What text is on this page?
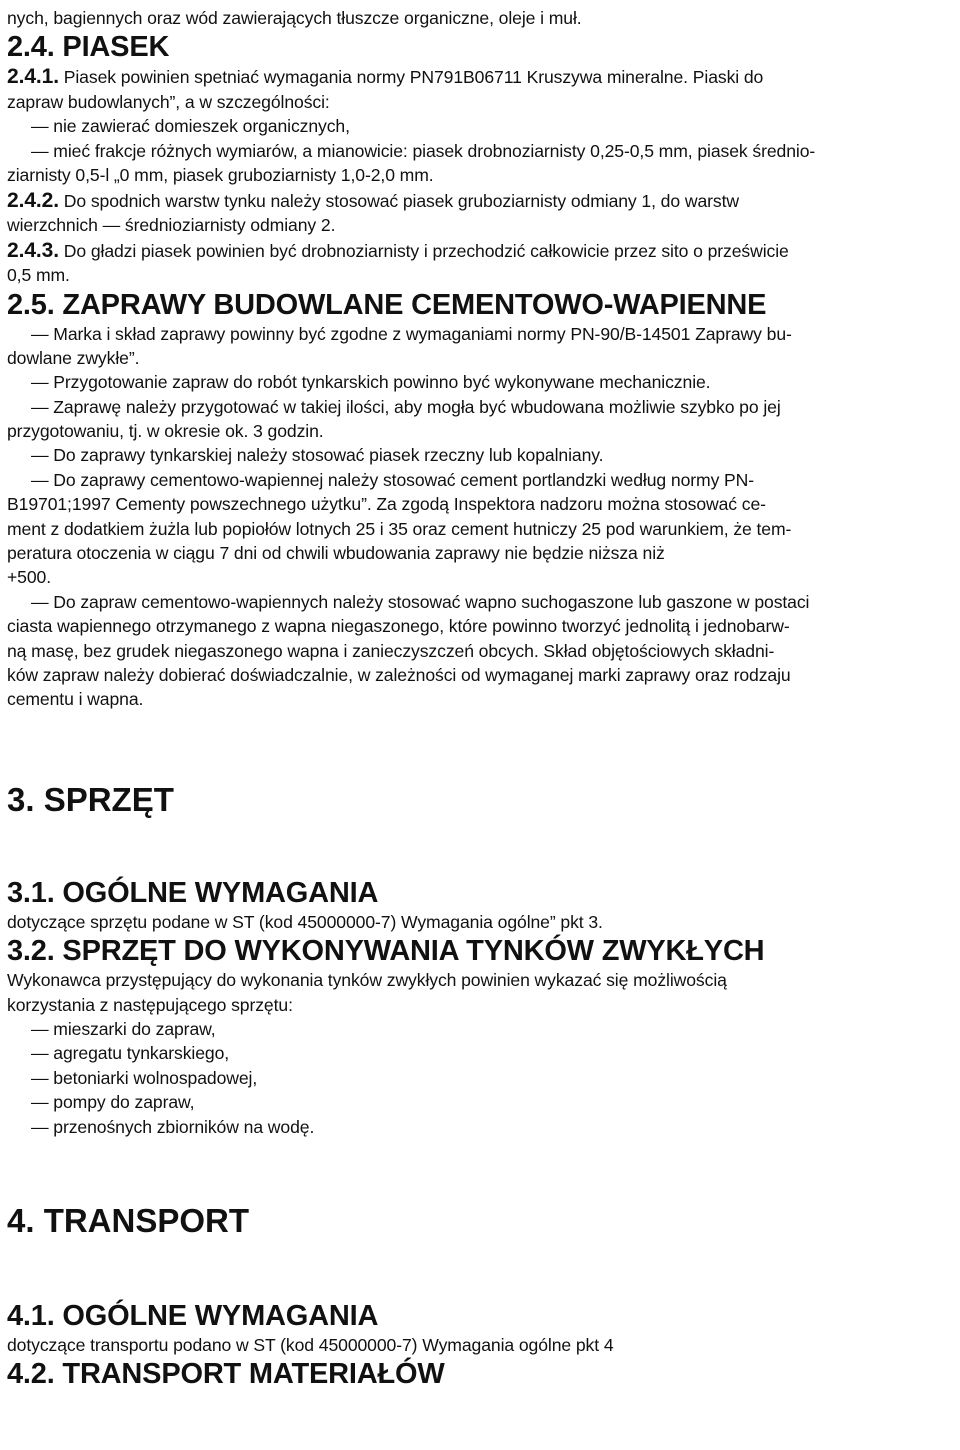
nych, bagiennych oraz wód zawierających tłuszcze organiczne, oleje i muł.
2.4. PIASEK
2.4.1. Piasek powinien spetniać wymagania normy PN791B06711 Kruszywa mineralne. Piaski do
zapraw budowlanych”, a w szczególności:
— nie zawierać domieszek organicznych,
— mieć frakcje różnych wymiarów, a mianowicie: piasek drobnoziarnisty 0,25-0,5 mm, piasek średnio-
ziarnisty 0,5-l „0 mm, piasek gruboziarnisty 1,0-2,0 mm.
2.4.2. Do spodnich warstw tynku należy stosować piasek gruboziarnisty odmiany 1, do warstw
wierzchnich — średnioziarnisty odmiany 2.
2.4.3. Do gładzi piasek powinien być drobnoziarnisty i przechodzić całkowicie przez sito o prześwicie
0,5 mm.
2.5. ZAPRAWY BUDOWLANE CEMENTOWO-WAPIENNE
— Marka i skład zaprawy powinny być zgodne z wymaganiami normy PN-90/B-14501 Zaprawy bu-
dowlane zwykłe”.
— Przygotowanie zapraw do robót tynkarskich powinno być wykonywane mechanicznie.
— Zaprawę należy przygotować w takiej ilości, aby mogła być wbudowana możliwie szybko po jej
przygotowaniu, tj. w okresie ok. 3 godzin.
— Do zaprawy tynkarskiej należy stosować piasek rzeczny lub kopalniany.
— Do zaprawy cementowo-wapiennej należy stosować cement portlandzki według normy PN-
B19701;1997 Cementy powszechnego użytku”. Za zgodą Inspektora nadzoru można stosować ce-
ment z dodatkiem żużla lub popiołów lotnych 25 i 35 oraz cement hutniczy 25 pod warunkiem, że tem-
peratura otoczenia w ciągu 7 dni od chwili wbudowania zaprawy nie będzie niższa niż
+500.
— Do zapraw cementowo-wapiennych należy stosować wapno suchogaszone lub gaszone w postaci
ciasta wapiennego otrzymanego z wapna niegaszonego, które powinno tworzyć jednolitą i jednobarw-
ną masę, bez grudek niegaszonego wapna i zanieczyszczeń obcych. Skład objętościowych składni-
ków zapraw należy dobierać doświadczalnie, w zależności od wymaganej marki zaprawy oraz rodzaju
cementu i wapna.
3. SPRZĘT
3.1. OGÓLNE WYMAGANIA
dotyczące sprzętu podane w ST (kod 45000000-7) Wymagania ogólne” pkt 3.
3.2. SPRZĘT DO WYKONYWANIA TYNKÓW ZWYKŁYCH
Wykonawca przystępujący do wykonania tynków zwykłych powinien wykazać się możliwością
korzystania z następującego sprzętu:
— mieszarki do zapraw,
— agregatu tynkarskiego,
— betoniarki wolnospadowej,
— pompy do zapraw,
— przenośnych zbiorników na wodę.
4. TRANSPORT
4.1. OGÓLNE WYMAGANIA
dotyczące transportu podano w ST (kod 45000000-7) Wymagania ogólne pkt 4
4.2. TRANSPORT MATERIAŁÓW
